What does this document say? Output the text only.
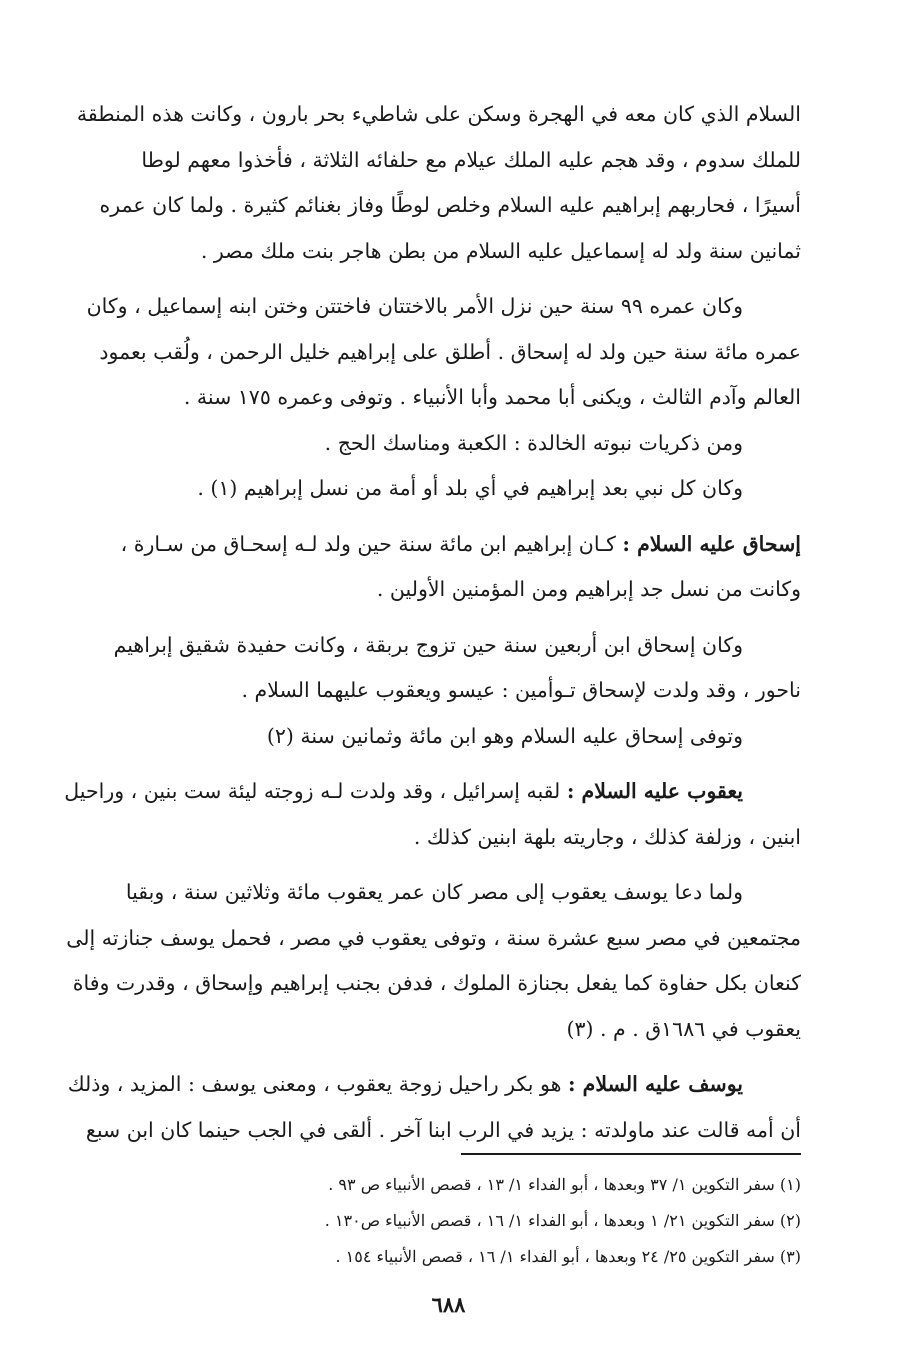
السلام الذي كان معه في الهجرة وسكن على شاطيء بحر بارون ، وكانت هذه المنطقة
للملك سدوم ، وقد هجم عليه الملك عيلام مع حلفائه الثلاثة ، فأخذوا معهم لوطا
أسيرًا ، فحاربهم إبراهيم عليه السلام وخلص لوطًا وفاز بغنائم كثيرة . ولما كان عمره
ثمانين سنة ولد له إسماعيل عليه السلام من بطن هاجر بنت ملك مصر .
وكان عمره ٩٩ سنة حين نزل الأمر بالاختتان فاختتن وختن ابنه إسماعيل ، وكان
عمره مائة سنة حين ولد له إسحاق . أطلق على إبراهيم خليل الرحمن ، ولُقب بعمود
العالم وآدم الثالث ، ويكنى أبا محمد وأبا الأنبياء . وتوفى وعمره ١٧٥ سنة .
ومن ذكريات نبوته الخالدة : الكعبة ومناسك الحج .
وكان كل نبي بعد إبراهيم في أي بلد أو أمة من نسل إبراهيم (١) .
إسحاق عليه السلام : كـان إبراهيم ابن مائة سنة حين ولد لـه إسحـاق من سـارة ،
وكانت من نسل جد إبراهيم ومن المؤمنين الأولين .
وكان إسحاق ابن أربعين سنة حين تزوج بربقة ، وكانت حفيدة شقيق إبراهيم
ناحور ، وقد ولدت لإسحاق تـوأمين : عيسو ويعقوب عليهما السلام .
وتوفى إسحاق عليه السلام وهو ابن مائة وثمانين سنة (٢)
يعقوب عليه السلام : لقبه إسرائيل ، وقد ولدت لـه زوجته ليئة ست بنين ، وراحيل
ابنين ، وزلفة كذلك ، وجاريته بلهة ابنين كذلك .
ولما دعا يوسف يعقوب إلى مصر كان عمر يعقوب مائة وثلاثين سنة ، وبقيا
مجتمعين في مصر سبع عشرة سنة ، وتوفى يعقوب في مصر ، فحمل يوسف جنازته إلى
كنعان بكل حفاوة كما يفعل بجنازة الملوك ، فدفن بجنب إبراهيم وإسحاق ، وقدرت وفاة
يعقوب في ١٦٨٦ق . م . (٣)
يوسف عليه السلام : هو بكر راحيل زوجة يعقوب ، ومعنى يوسف : المزيد ، وذلك
أن أمه قالت عند ماولدته : يزيد في الرب ابنا آخر . ألقى في الجب حينما كان ابن سبع
(١) سفر التكوين ١/ ٣٧ وبعدها ، أبو الفداء ١/ ١٣ ، قصص الأنبياء ص ٩٣ .
(٢) سفر التكوين ٢١/ ١ وبعدها ، أبو الفداء ١/ ١٦ ، قصص الأنبياء ص١٣٠ .
(٣) سفر التكوين ٢٥/ ٢٤ وبعدها ، أبو الفداء ١/ ١٦ ، قصص الأنبياء ١٥٤ .
٦٨٨
